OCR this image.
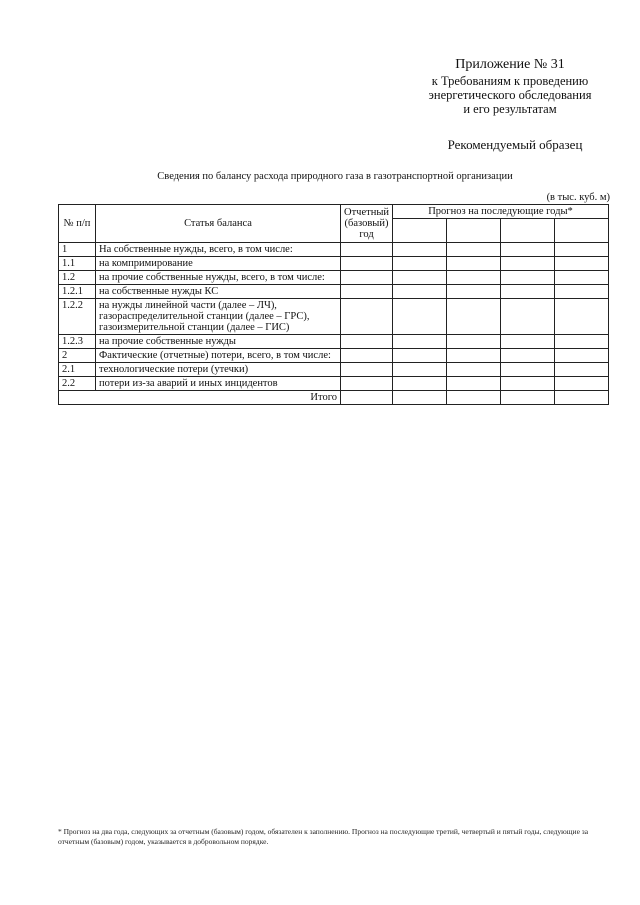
Приложение № 31
к Требованиям к проведению
энергетического обследования
и его результатам
Рекомендуемый образец
Сведения по балансу расхода природного газа в газотранспортной организации
(в тыс. куб. м)
№ п/п	Статья баланса	Отчетный (базовый) год	Прогноз на последующие годы*			

1	На собственные нужды, всего, в том числе:					
1.1	на компримирование					
1.2	на прочие собственные нужды, всего, в том числе:					
1.2.1	на собственные нужды КС					
1.2.2	на нужды линейной части (далее – ЛЧ), газораспределительной станции (далее – ГРС), газоизмерительной станции (далее – ГИС)					
1.2.3	на прочие собственные нужды					
2	Фактические (отчетные) потери, всего, в том числе:					
2.1	технологические потери (утечки)					
2.2	потери из-за аварий и иных инцидентов					
Итого						
* Прогноз на два года, следующих за отчетным (базовым) годом, обязателен к заполнению. Прогноз на последующие третий, четвертый и пятый годы, следующие за отчетным (базовым) годом, указывается в добровольном порядке.
